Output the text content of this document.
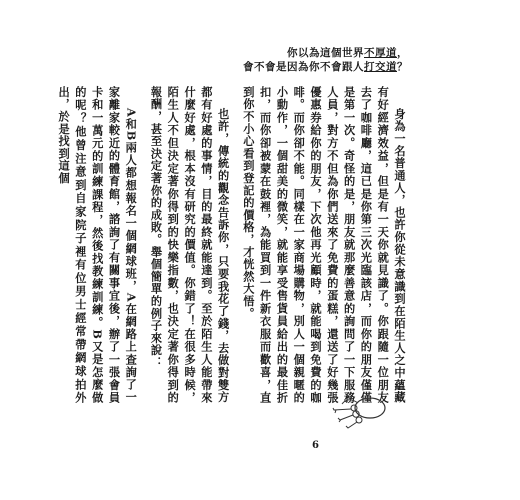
你以為這個世界不厚道，
會不會是因為你不會跟人打交道？

身為一名普通人，也許你從未意識到在陌生人之中蘊藏有好經濟效益，但是有一天你就見識了。你跟隨一位朋友去了咖啡廳，這已是你第三次光臨該店，而你的朋友僅僅是第一次。奇怪的是，朋友就那麼善意的詢問了一下服務人員，對方不但為你們送來了免費的蛋糕，還送了好幾張優惠券給你的朋友，下次他再光顧時，就能喝到免費的咖啡。而你卻不能。同樣在一家商場購物，別人一個親暱的小動作，一個甜美的微笑，就能享受售貨員給出的最佳折扣，而你卻被蒙在鼓裡，為能買到一件新衣服而歡喜，直到你不小心看到登記的價格，才恍然大悟。

也許，傳統的觀念告訴你，只要我花了錢，去做對雙方都有好處的事情，目的最終就能達到。至於陌生人能帶來什麼好處，根本沒有研究的價值。你錯了！在很多時候，陌生人不但決定著你得到的快樂指數，也決定著你得到的報酬，甚至決定著你的成敗。舉個簡單的例子來說：

A和B兩人都想報名一個網球班，A在網路上查詢了一家離家較近的體育館，諮詢了有關事宜後，辦了一張會員卡和一萬元的訓練課程，然後找教練訓練。B又是怎麼做的呢？他曾注意到自家院子裡有位男士經常帶網球拍外出，於是找到這個

6
